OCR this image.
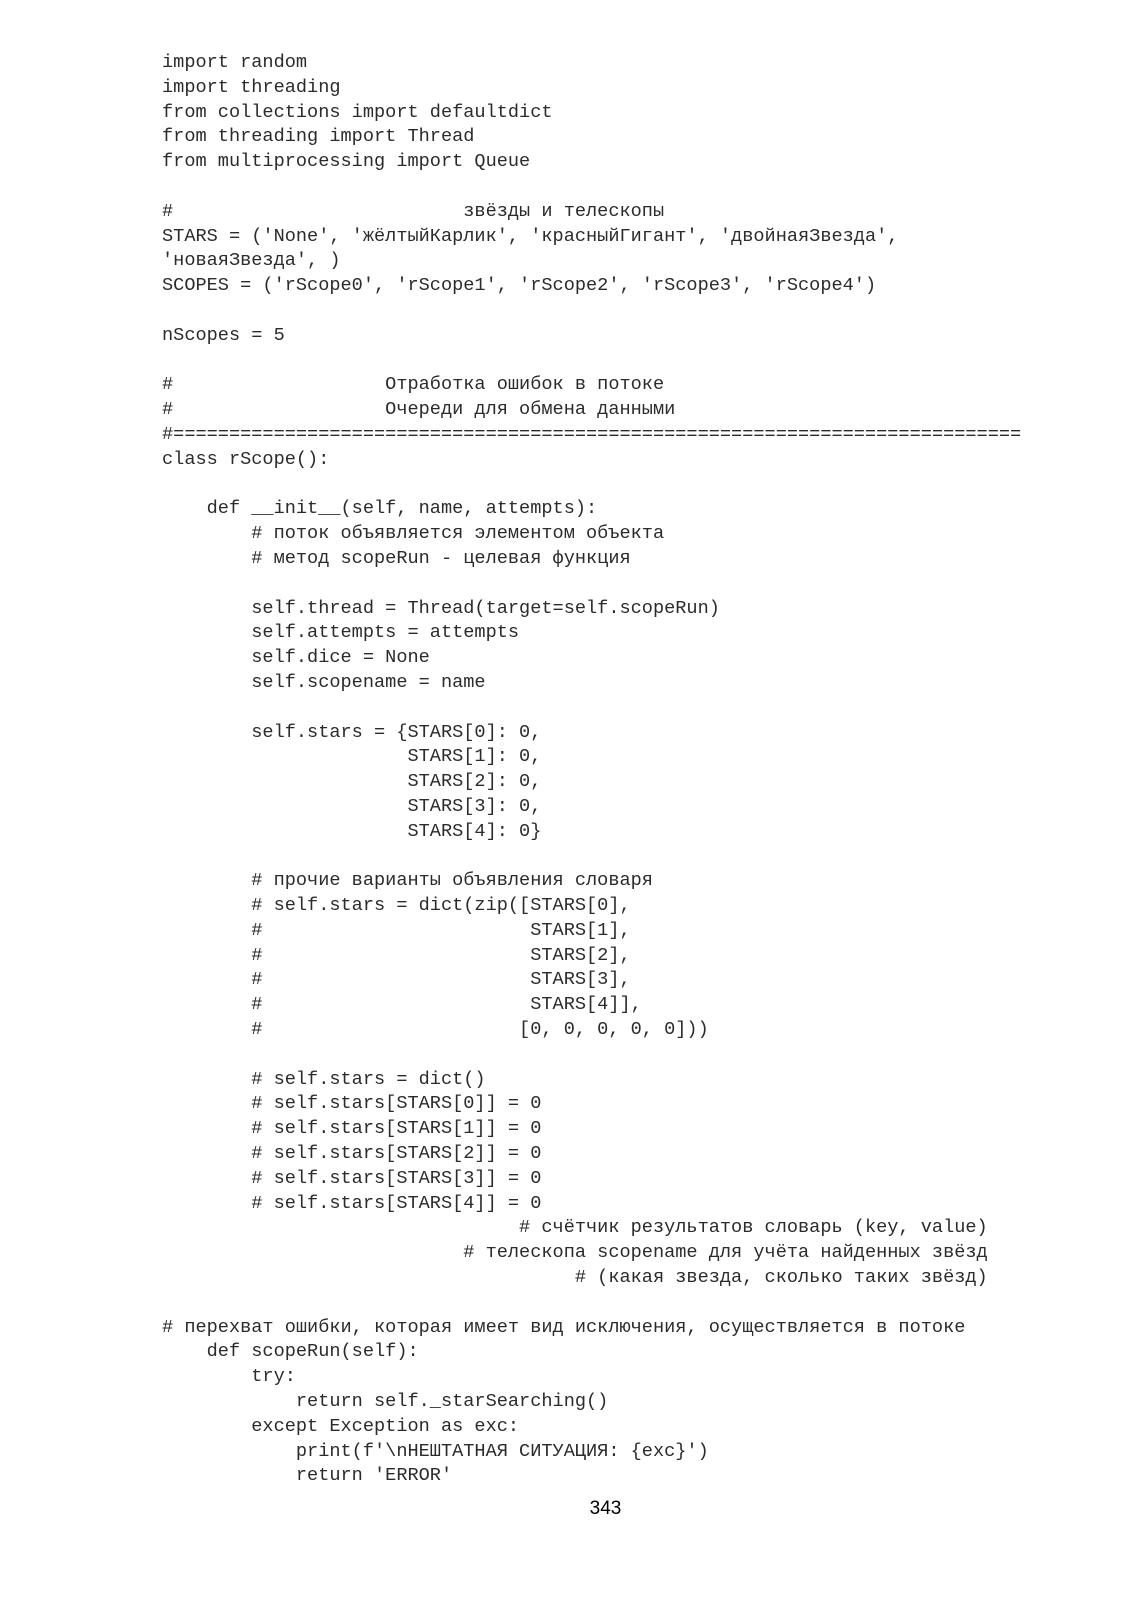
import random
import threading
from collections import defaultdict
from threading import Thread
from multiprocessing import Queue
#                          звёзды и телескопы
STARS = ('None', 'жёлтыйКарлик', 'красныйГигант', 'двойнаяЗвезда',
'новаяЗвезда', )
SCOPES = ('rScope0', 'rScope1', 'rScope2', 'rScope3', 'rScope4')
nScopes = 5
#                   Отработка ошибок в потоке
#                   Очереди для обмена данными
#============================================================================
class rScope():
def __init__(self, name, attempts):
# поток объявляется элементом объекта
# метод scopeRun - целевая функция
self.thread = Thread(target=self.scopeRun)
self.attempts = attempts
self.dice = None
self.scopename = name
self.stars = {STARS[0]: 0,
STARS[1]: 0,
STARS[2]: 0,
STARS[3]: 0,
STARS[4]: 0}
# прочие варианты объявления словаря
# self.stars = dict(zip([STARS[0],
#                        STARS[1],
#                        STARS[2],
#                        STARS[3],
#                        STARS[4]],
#                       [0, 0, 0, 0, 0]))
# self.stars = dict()
# self.stars[STARS[0]] = 0
# self.stars[STARS[1]] = 0
# self.stars[STARS[2]] = 0
# self.stars[STARS[3]] = 0
# self.stars[STARS[4]] = 0
# счётчик результатов словарь (key, value)
# телескопа scopename для учёта найденных звёзд
# (какая звезда, сколько таких звёзд)
# перехват ошибки, которая имеет вид исключения, осуществляется в потоке
def scopeRun(self):
try:
return self._starSearching()
except Exception as exc:
print(f'\nНЕШТАТНАЯ СИТУАЦИЯ: {exc}')
return 'ERROR'
343
